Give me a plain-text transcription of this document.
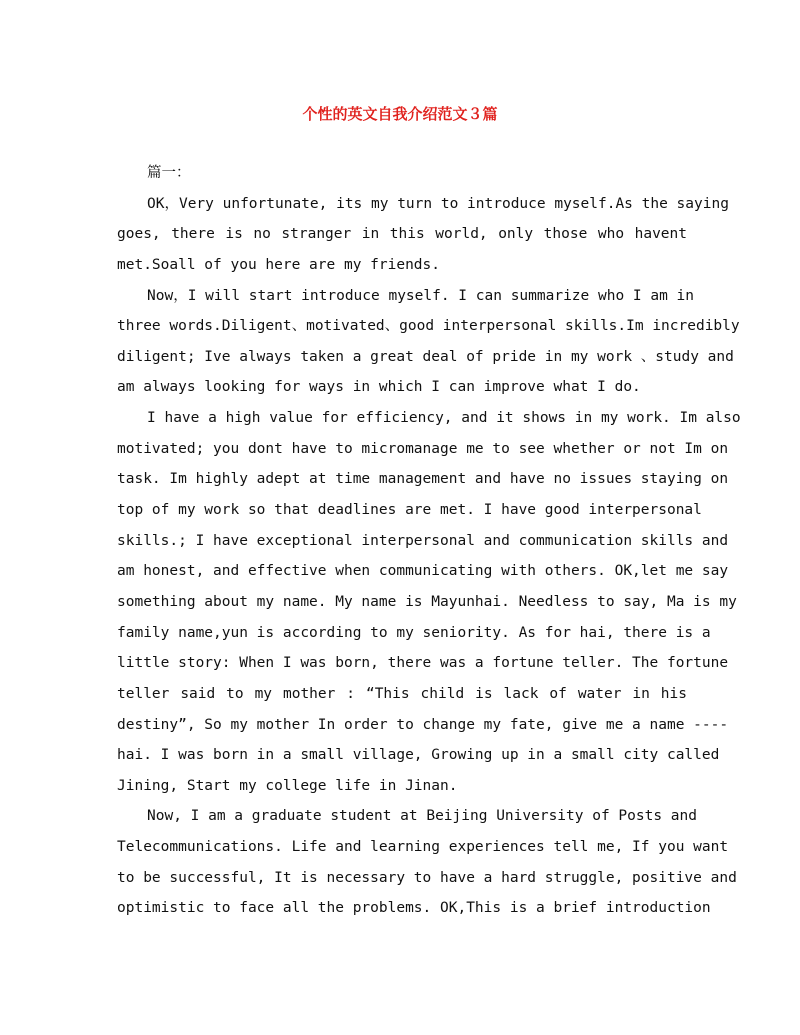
个性的英文自我介绍范文３篇
篇一：
OK，Very unfortunate, its my turn to introduce myself.As the saying
goes, there is no stranger in this world, only those who havent
met.Soall of you here are my friends.
Now，I will start introduce myself. I can summarize who I am in
three words.Diligent、motivated、good interpersonal skills.Im incredibly
diligent; Ive always taken a great deal of pride in my work 、study and
am always looking for ways in which I can improve what I do.
I have a high value for efficiency, and it shows in my work. Im also
motivated; you dont have to micromanage me to see whether or not Im on
task. Im highly adept at time management and have no issues staying on
top of my work so that deadlines are met. I have good interpersonal
skills.; I have exceptional interpersonal and communication skills and
am honest, and effective when communicating with others. OK,let me say
something about my name. My name is Mayunhai. Needless to say, Ma is my
family name,yun is according to my seniority. As for hai, there is a
little story: When I was born, there was a fortune teller. The fortune
teller said to my mother : “This child is lack of water in his
destiny”, So my mother In order to change my fate, give me a name ----
hai. I was born in a small village, Growing up in a small city called
Jining, Start my college life in Jinan.
Now, I am a graduate student at Beijing University of Posts and
Telecommunications. Life and learning experiences tell me, If you want
to be successful, It is necessary to have a hard struggle, positive and
optimistic to face all the problems. OK,This is a brief introduction
